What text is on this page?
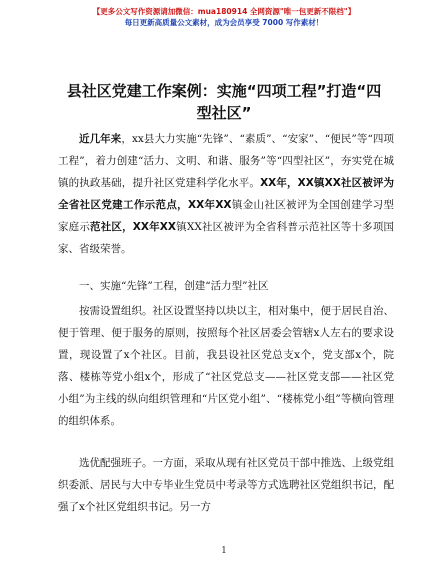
【更多公文写作资源请加微信：mua180914 全网资源"唯一包更新不限档"】
每日更新高质量公文素材，成为会员享受 7000 写作素材！
县社区党建工作案例：实施“四项工程”打造“四型社区”
近几年来，xx县大力实施“先锋”、“素质”、“安家”、“便民”等“四项工程”，着力创建“活力、文明、和谐、服务”等“四型社区”，夯实党在城镇的执政基础，提升社区党建科学化水平。XX年，XX镇XX社区被评为全省社区党建工作示范点，XX年XX镇金山社区被评为全国创建学习型家庭示范社区，XX年XX镇XX社区被评为全省科普示范社区等十多项国家、省级荣誉。
一、实施“先锋”工程，创建“活力型”社区
按需设置组织。社区设置坚持以块以主，相对集中，便于居民自治、便于管理、便于服务的原则，按照每个社区居委会管辖x人左右的要求设置，现设置了x个社区。目前，我县设社区党总支x个，党支部x个，院落、楼栋等党小组x个，形成了“社区党总支——社区党支部——社区党小组”为主线的纵向组织管理和“片区党小组”、“楼栋党小组”等横向管理的组织体系。
选优配强班子。一方面，采取从现有社区党员干部中推选、上级党组织委派、居民与大中专毕业生党员中考录等方式选聘社区党组织书记，配强了x个社区党组织书记。另一方
1
